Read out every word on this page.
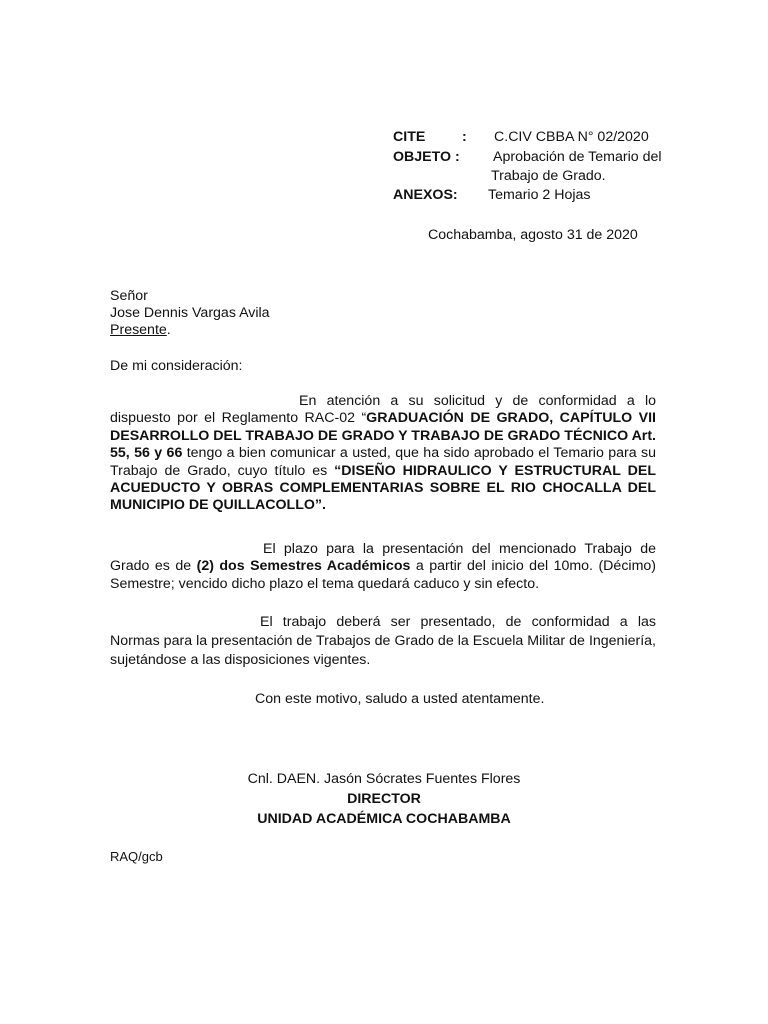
CITE	: C.CIV CBBA N° 02/2020
OBJETO : Aprobación de Temario del
Trabajo de Grado.
ANEXOS: Temario 2 Hojas
Cochabamba, agosto 31 de 2020
Señor
Jose Dennis Vargas Avila
Presente.
De mi consideración:
En atención a su solicitud y de conformidad a lo dispuesto por el Reglamento RAC-02 “GRADUACIÓN DE GRADO, CAPÍTULO VII DESARROLLO DEL TRABAJO DE GRADO Y TRABAJO DE GRADO TÉCNICO Art. 55, 56 y 66 tengo a bien comunicar a usted, que ha sido aprobado el Temario para su Trabajo de Grado, cuyo título es “DISEÑO HIDRAULICO Y ESTRUCTURAL DEL ACUEDUCTO Y OBRAS COMPLEMENTARIAS SOBRE EL RIO CHOCALLA DEL MUNICIPIO DE QUILLACOLLO”.
El plazo para la presentación del mencionado Trabajo de Grado es de (2) dos Semestres Académicos a partir del inicio del 10mo. (Décimo) Semestre; vencido dicho plazo el tema quedará caduco y sin efecto.
El trabajo deberá ser presentado, de conformidad a las Normas para la presentación de Trabajos de Grado de la Escuela Militar de Ingeniería, sujetándose a las disposiciones vigentes.
Con este motivo, saludo a usted atentamente.
Cnl. DAEN. Jasón Sócrates Fuentes Flores
DIRECTOR
UNIDAD ACADÉMICA COCHABAMBA
RAQ/gcb
